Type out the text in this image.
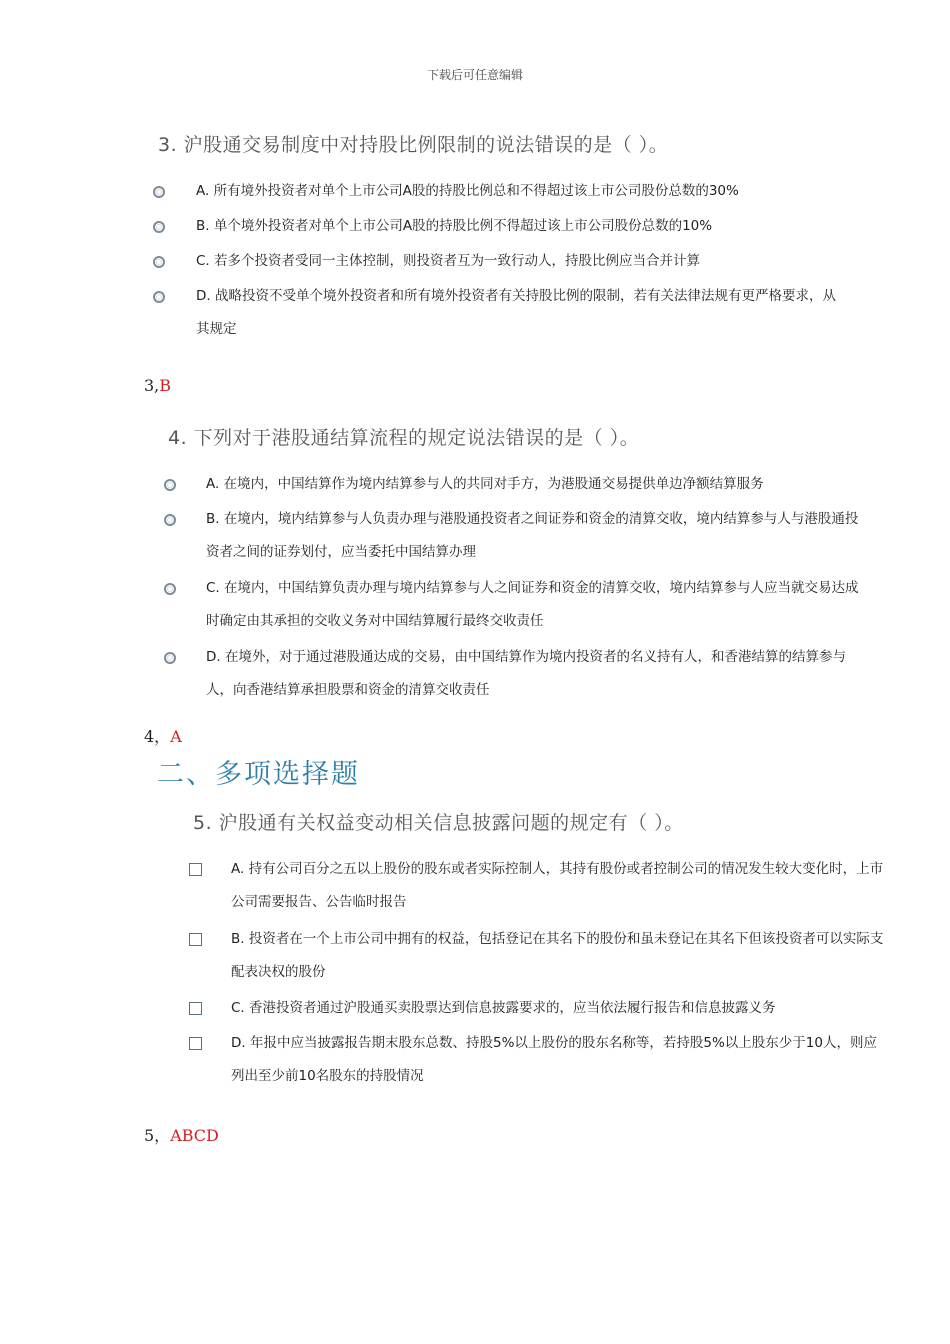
下载后可任意编辑
3. 沪股通交易制度中对持股比例限制的说法错误的是（ ）。
A. 所有境外投资者对单个上市公司A股的持股比例总和不得超过该上市公司股份总数的30%
B. 单个境外投资者对单个上市公司A股的持股比例不得超过该上市公司股份总数的10%
C. 若多个投资者受同一主体控制，则投资者互为一致行动人，持股比例应当合并计算
D. 战略投资不受单个境外投资者和所有境外投资者有关持股比例的限制，若有关法律法规有更严格要求，从其规定
3,B
4. 下列对于港股通结算流程的规定说法错误的是（ ）。
A. 在境内，中国结算作为境内结算参与人的共同对手方，为港股通交易提供单边净额结算服务
B. 在境内，境内结算参与人负责办理与港股通投资者之间证券和资金的清算交收，境内结算参与人与港股通投资者之间的证券划付，应当委托中国结算办理
C. 在境内，中国结算负责办理与境内结算参与人之间证券和资金的清算交收，境内结算参与人应当就交易达成时确定由其承担的交收义务对中国结算履行最终交收责任
D. 在境外，对于通过港股通达成的交易，由中国结算作为境内投资者的名义持有人，和香港结算的结算参与人，向香港结算承担股票和资金的清算交收责任
4，A
二、多项选择题
5. 沪股通有关权益变动相关信息披露问题的规定有（ ）。
A. 持有公司百分之五以上股份的股东或者实际控制人，其持有股份或者控制公司的情况发生较大变化时，上市公司需要报告、公告临时报告
B. 投资者在一个上市公司中拥有的权益，包括登记在其名下的股份和虽未登记在其名下但该投资者可以实际支配表决权的股份
C. 香港投资者通过沪股通买卖股票达到信息披露要求的，应当依法履行报告和信息披露义务
D. 年报中应当披露报告期末股东总数、持股5%以上股份的股东名称等，若持股5%以上股东少于10人，则应列出至少前10名股东的持股情况
5，ABCD
